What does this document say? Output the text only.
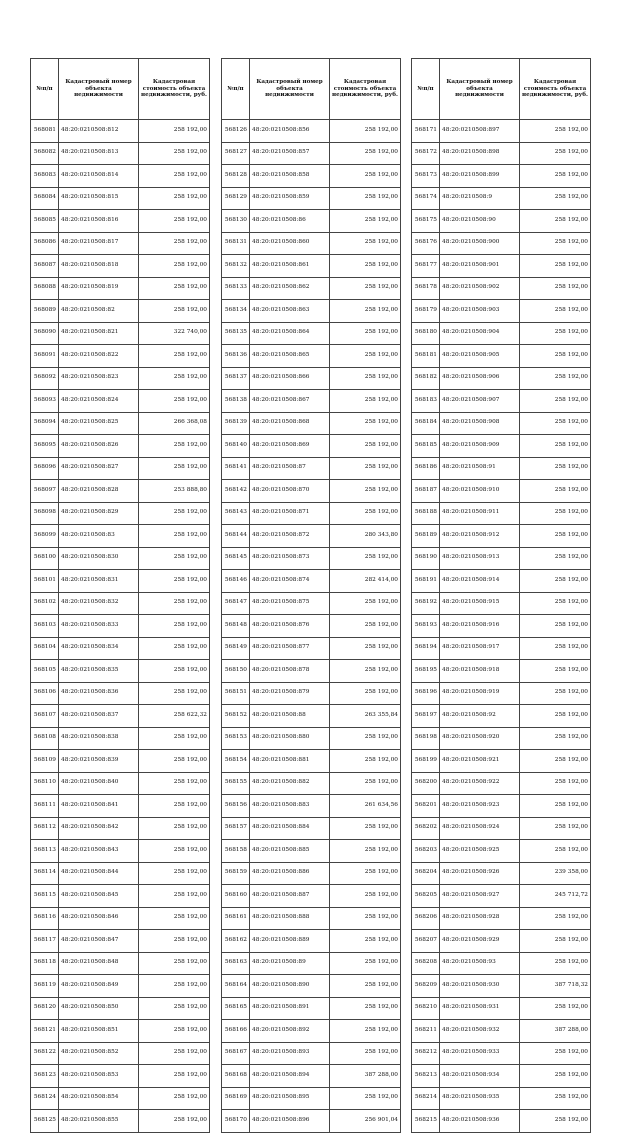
№п/п	Кадастровый номер объекта недвижимости	Кадастровая стоимость объекта недвижимости, руб.
568081	48:20:0210508:812	258 192,00
568082	48:20:0210508:813	258 192,00
568083	48:20:0210508:814	258 192,00
568084	48:20:0210508:815	258 192,00
568085	48:20:0210508:816	258 192,00
568086	48:20:0210508:817	258 192,00
568087	48:20:0210508:818	258 192,00
568088	48:20:0210508:819	258 192,00
568089	48:20:0210508:82	258 192,00
568090	48:20:0210508:821	322 740,00
568091	48:20:0210508:822	258 192,00
568092	48:20:0210508:823	258 192,00
568093	48:20:0210508:824	258 192,00
568094	48:20:0210508:825	266 368,08
568095	48:20:0210508:826	258 192,00
568096	48:20:0210508:827	258 192,00
568097	48:20:0210508:828	253 888,80
568098	48:20:0210508:829	258 192,00
568099	48:20:0210508:83	258 192,00
568100	48:20:0210508:830	258 192,00
568101	48:20:0210508:831	258 192,00
568102	48:20:0210508:832	258 192,00
568103	48:20:0210508:833	258 192,00
568104	48:20:0210508:834	258 192,00
568105	48:20:0210508:835	258 192,00
568106	48:20:0210508:836	258 192,00
568107	48:20:0210508:837	258 622,32
568108	48:20:0210508:838	258 192,00
568109	48:20:0210508:839	258 192,00
568110	48:20:0210508:840	258 192,00
568111	48:20:0210508:841	258 192,00
568112	48:20:0210508:842	258 192,00
568113	48:20:0210508:843	258 192,00
568114	48:20:0210508:844	258 192,00
568115	48:20:0210508:845	258 192,00
568116	48:20:0210508:846	258 192,00
568117	48:20:0210508:847	258 192,00
568118	48:20:0210508:848	258 192,00
568119	48:20:0210508:849	258 192,00
568120	48:20:0210508:850	258 192,00
568121	48:20:0210508:851	258 192,00
568122	48:20:0210508:852	258 192,00
568123	48:20:0210508:853	258 192,00
568124	48:20:0210508:854	258 192,00
568125	48:20:0210508:855	258 192,00
№п/п	Кадастровый номер объекта недвижимости	Кадастровая стоимость объекта недвижимости, руб.
568126	48:20:0210508:856	258 192,00
568127	48:20:0210508:857	258 192,00
568128	48:20:0210508:858	258 192,00
568129	48:20:0210508:859	258 192,00
568130	48:20:0210508:86	258 192,00
568131	48:20:0210508:860	258 192,00
568132	48:20:0210508:861	258 192,00
568133	48:20:0210508:862	258 192,00
568134	48:20:0210508:863	258 192,00
568135	48:20:0210508:864	258 192,00
568136	48:20:0210508:865	258 192,00
568137	48:20:0210508:866	258 192,00
568138	48:20:0210508:867	258 192,00
568139	48:20:0210508:868	258 192,00
568140	48:20:0210508:869	258 192,00
568141	48:20:0210508:87	258 192,00
568142	48:20:0210508:870	258 192,00
568143	48:20:0210508:871	258 192,00
568144	48:20:0210508:872	280 343,80
568145	48:20:0210508:873	258 192,00
568146	48:20:0210508:874	282 414,00
568147	48:20:0210508:875	258 192,00
568148	48:20:0210508:876	258 192,00
568149	48:20:0210508:877	258 192,00
568150	48:20:0210508:878	258 192,00
568151	48:20:0210508:879	258 192,00
568152	48:20:0210508:88	263 355,84
568153	48:20:0210508:880	258 192,00
568154	48:20:0210508:881	258 192,00
568155	48:20:0210508:882	258 192,00
568156	48:20:0210508:883	261 634,56
568157	48:20:0210508:884	258 192,00
568158	48:20:0210508:885	258 192,00
568159	48:20:0210508:886	258 192,00
568160	48:20:0210508:887	258 192,00
568161	48:20:0210508:888	258 192,00
568162	48:20:0210508:889	258 192,00
568163	48:20:0210508:89	258 192,00
568164	48:20:0210508:890	258 192,00
568165	48:20:0210508:891	258 192,00
568166	48:20:0210508:892	258 192,00
568167	48:20:0210508:893	258 192,00
568168	48:20:0210508:894	387 288,00
568169	48:20:0210508:895	258 192,00
568170	48:20:0210508:896	256 901,04
№п/п	Кадастровый номер объекта недвижимости	Кадастровая стоимость объекта недвижимости, руб.
568171	48:20:0210508:897	258 192,00
568172	48:20:0210508:898	258 192,00
568173	48:20:0210508:899	258 192,00
568174	48:20:0210508:9	258 192,00
568175	48:20:0210508:90	258 192,00
568176	48:20:0210508:900	258 192,00
568177	48:20:0210508:901	258 192,00
568178	48:20:0210508:902	258 192,00
568179	48:20:0210508:903	258 192,00
568180	48:20:0210508:904	258 192,00
568181	48:20:0210508:905	258 192,00
568182	48:20:0210508:906	258 192,00
568183	48:20:0210508:907	258 192,00
568184	48:20:0210508:908	258 192,00
568185	48:20:0210508:909	258 192,00
568186	48:20:0210508:91	258 192,00
568187	48:20:0210508:910	258 192,00
568188	48:20:0210508:911	258 192,00
568189	48:20:0210508:912	258 192,00
568190	48:20:0210508:913	258 192,00
568191	48:20:0210508:914	258 192,00
568192	48:20:0210508:915	258 192,00
568193	48:20:0210508:916	258 192,00
568194	48:20:0210508:917	258 192,00
568195	48:20:0210508:918	258 192,00
568196	48:20:0210508:919	258 192,00
568197	48:20:0210508:92	258 192,00
568198	48:20:0210508:920	258 192,00
568199	48:20:0210508:921	258 192,00
568200	48:20:0210508:922	258 192,00
568201	48:20:0210508:923	258 192,00
568202	48:20:0210508:924	258 192,00
568203	48:20:0210508:925	258 192,00
568204	48:20:0210508:926	239 358,00
568205	48:20:0210508:927	245 712,72
568206	48:20:0210508:928	258 192,00
568207	48:20:0210508:929	258 192,00
568208	48:20:0210508:93	258 192,00
568209	48:20:0210508:930	387 718,32
568210	48:20:0210508:931	258 192,00
568211	48:20:0210508:932	387 288,00
568212	48:20:0210508:933	258 192,00
568213	48:20:0210508:934	258 192,00
568214	48:20:0210508:935	258 192,00
568215	48:20:0210508:936	258 192,00
